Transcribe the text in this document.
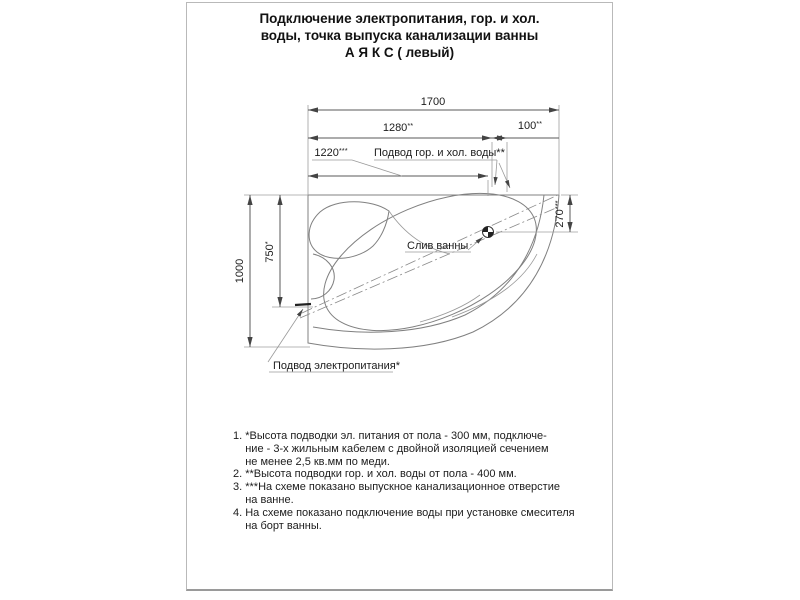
Подключение электропитания, гор. и хол.
воды, точка выпуска канализации ванны
А Я К С ( левый)
1700
1280**	100**
1220*** Подвод гор. и хол. воды**
1000
750*
Подвод электропитания*
270***
Слив ванны
1. *Высота подводки эл. питания от пола - 300 мм, подключе-
ние - 3-х жильным кабелем с двойной изоляцией сечением
не менее 2,5 кв.мм по меди.
2. **Высота подводки гор. и хол. воды от пола - 400 мм.
3. ***На схеме показано выпускное канализационное отверстие
на ванне.
4. На схеме показано подключение воды при установке смесителя
на борт ванны.
